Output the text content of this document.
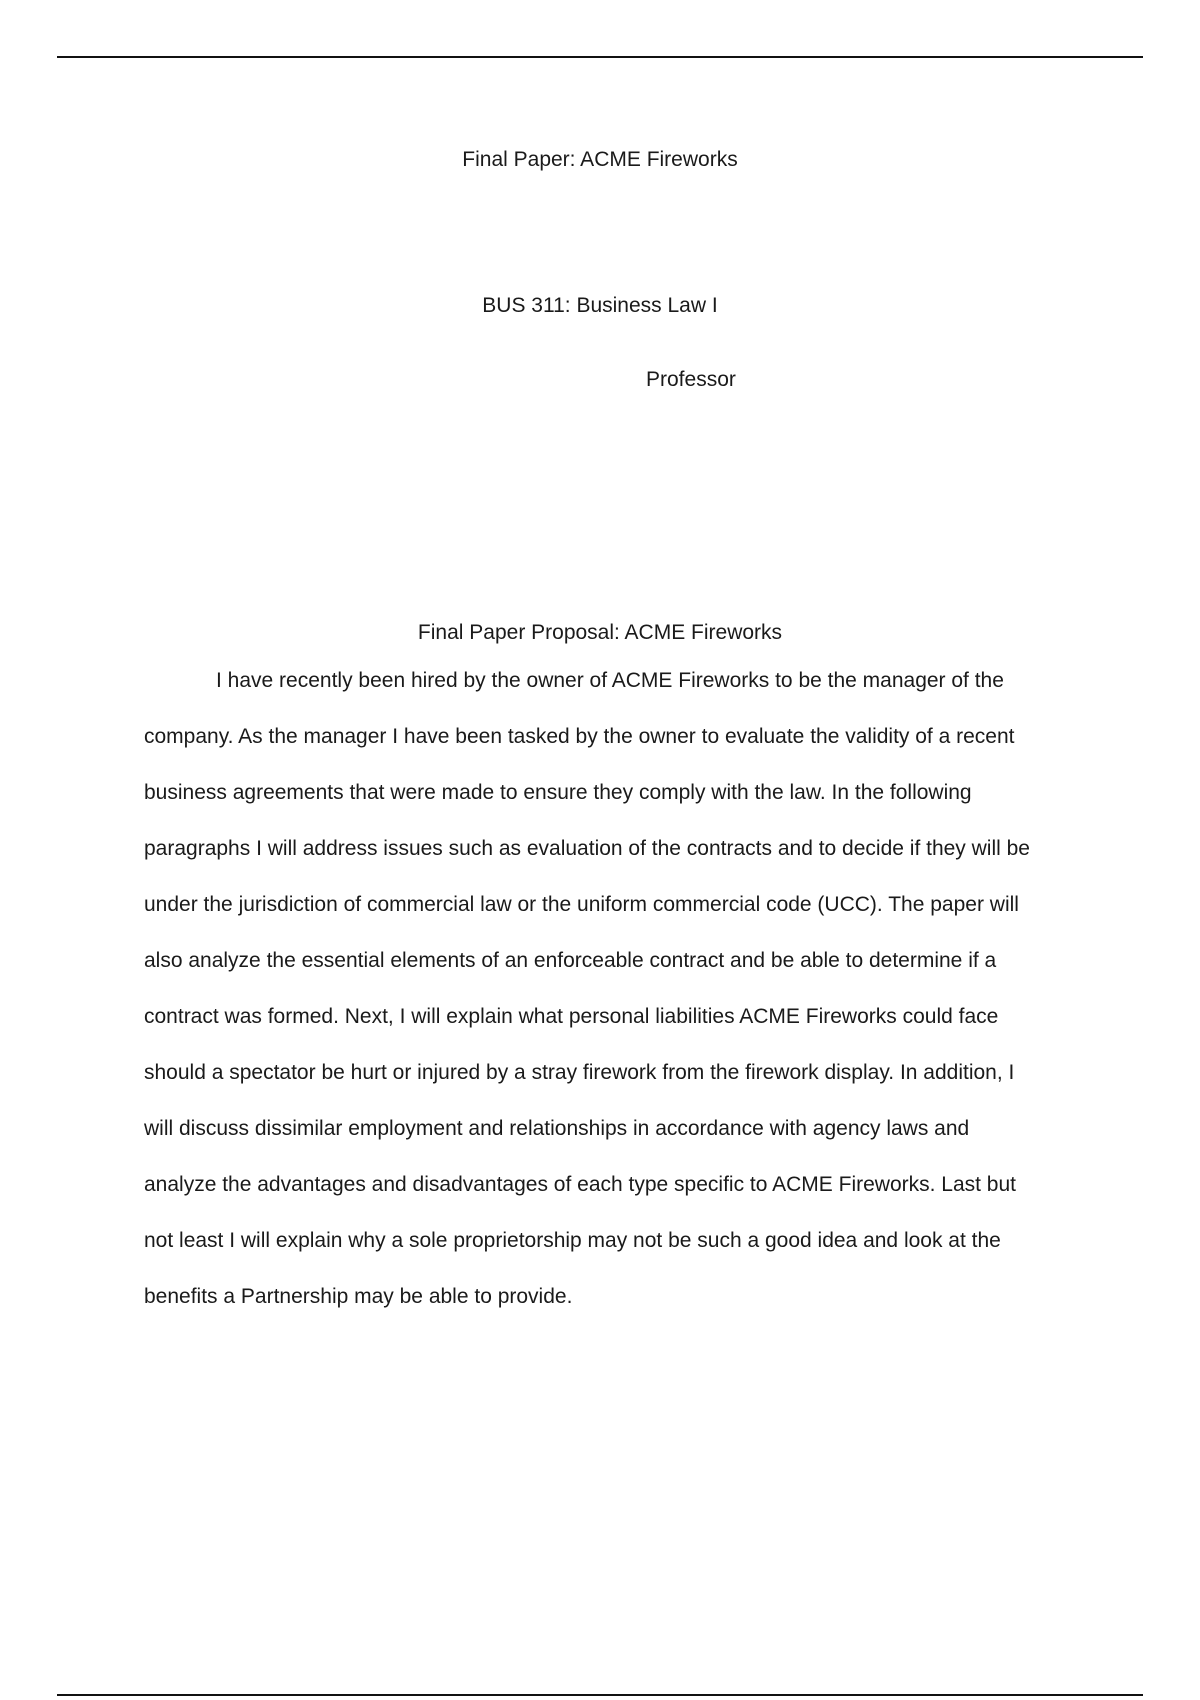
Final Paper: ACME Fireworks
BUS 311: Business Law I
Professor
Final Paper Proposal: ACME Fireworks
I have recently been hired by the owner of ACME Fireworks to be the manager of the
company. As the manager I have been tasked by the owner to evaluate the validity of a recent
business agreements that were made to ensure they comply with the law. In the following
paragraphs I will address issues such as evaluation of the contracts and to decide if they will be
under the jurisdiction of commercial law or the uniform commercial code (UCC). The paper will
also analyze the essential elements of an enforceable contract and be able to determine if a
contract was formed. Next, I will explain what personal liabilities ACME Fireworks could face
should a spectator be hurt or injured by a stray firework from the firework display. In addition, I
will discuss dissimilar employment and relationships in accordance with agency laws and
analyze the advantages and disadvantages of each type specific to ACME Fireworks. Last but
not least I will explain why a sole proprietorship may not be such a good idea and look at the
benefits a Partnership may be able to provide.
